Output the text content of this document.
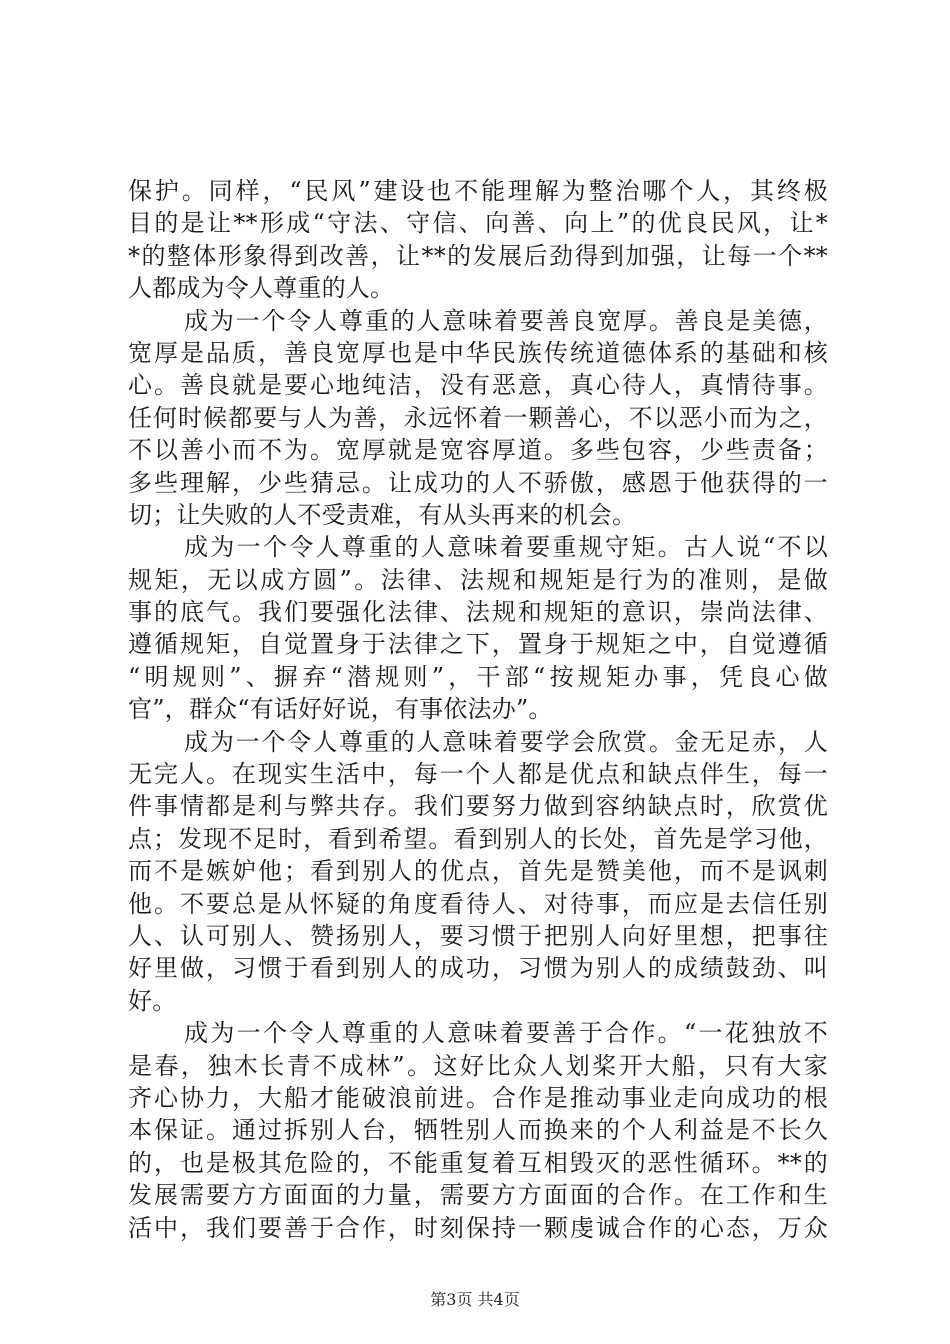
保护。同样，“民风”建设也不能理解为整治哪个人，其终极
目的是让**形成“守法、守信、向善、向上”的优良民风，让*
*的整体形象得到改善，让**的发展后劲得到加强，让每一个**
人都成为令人尊重的人。
成为一个令人尊重的人意味着要善良宽厚。善良是美德，
宽厚是品质，善良宽厚也是中华民族传统道德体系的基础和核
心。善良就是要心地纯洁，没有恶意，真心待人，真情待事。
任何时候都要与人为善，永远怀着一颗善心，不以恶小而为之，
不以善小而不为。宽厚就是宽容厚道。多些包容，少些责备；
多些理解，少些猜忌。让成功的人不骄傲，感恩于他获得的一
切；让失败的人不受责难，有从头再来的机会。
成为一个令人尊重的人意味着要重规守矩。古人说“不以
规矩，无以成方圆”。法律、法规和规矩是行为的准则，是做
事的底气。我们要强化法律、法规和规矩的意识，崇尚法律、
遵循规矩，自觉置身于法律之下，置身于规矩之中，自觉遵循
“明规则”、摒弃“潜规则”，干部“按规矩办事，凭良心做
官”，群众“有话好好说，有事依法办”。
成为一个令人尊重的人意味着要学会欣赏。金无足赤，人
无完人。在现实生活中，每一个人都是优点和缺点伴生，每一
件事情都是利与弊共存。我们要努力做到容纳缺点时，欣赏优
点；发现不足时，看到希望。看到别人的长处，首先是学习他，
而不是嫉妒他；看到别人的优点，首先是赞美他，而不是讽刺
他。不要总是从怀疑的角度看待人、对待事，而应是去信任别
人、认可别人、赞扬别人，要习惯于把别人向好里想，把事往
好里做，习惯于看到别人的成功，习惯为别人的成绩鼓劲、叫
好。
成为一个令人尊重的人意味着要善于合作。“一花独放不
是春，独木长青不成林”。这好比众人划桨开大船，只有大家
齐心协力，大船才能破浪前进。合作是推动事业走向成功的根
本保证。通过拆别人台，牺牲别人而换来的个人利益是不长久
的，也是极其危险的，不能重复着互相毁灭的恶性循环。**的
发展需要方方面面的力量，需要方方面面的合作。在工作和生
活中，我们要善于合作，时刻保持一颗虔诚合作的心态，万众
第3页 共4页
